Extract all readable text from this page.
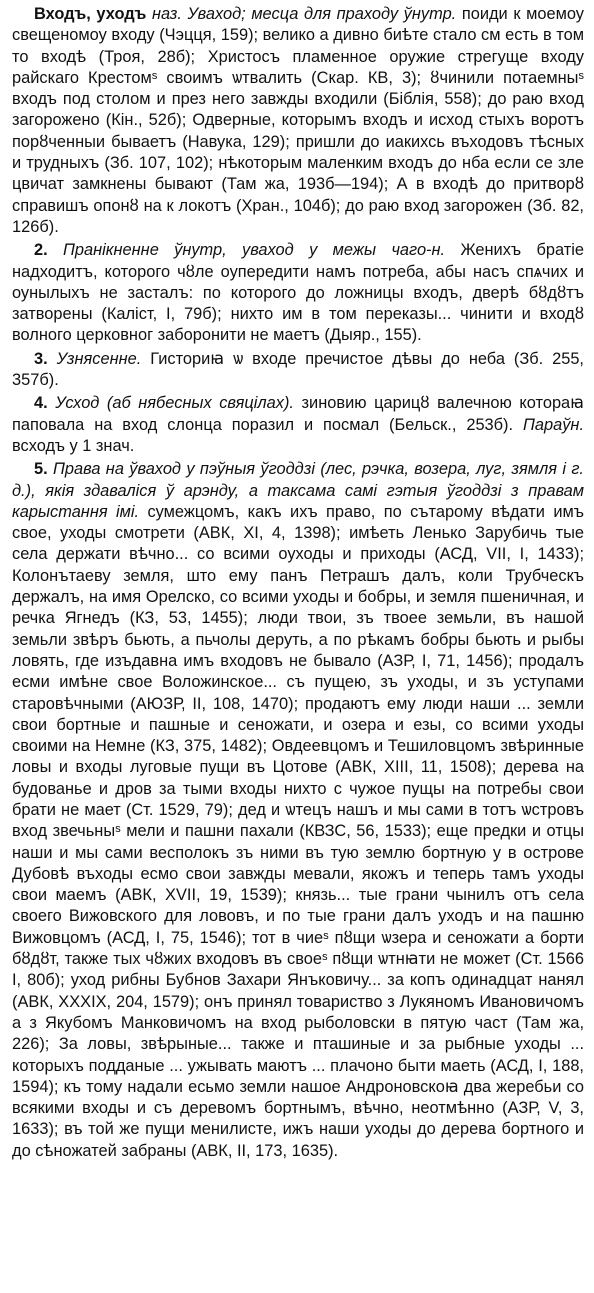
Входъ, уходъ наз. Уваход; месца для праходу ўнутр. поиди к моемоу свещеномоу входу (Чэцця, 159); велико а дивно биѣте стало см есть в том то входѣ (Троя, 28б); Христосъ пламенное оружие стрегуще входу райскаго Крестомˢ своимъ ѡтвалить (Скар. КВ, 3); ȣчинили потаемныˢ входъ под столом и през него завжды входили (Біблія, 558); до раю вход загорожено (Кін., 52б); Одверные, которымъ входъ и исход стыхъ воротъ порȣченныи бываетъ (Навука, 129); пришли до иакихсь въходовъ тѣсных и трудныхъ (Зб. 107, 102); нѣкоторым маленким входъ до нба если се зле цвичат замкнены бывают (Там жа, 193б—194); А в входѣ до притворȣ справишъ опонȣ на к локотъ (Хран., 104б); до раю вход загорожен (Зб. 82, 126б).

2. Пранікненне ўнутр, уваход у межы чаго-н. Женихъ братіе надходитъ, которого чȣле оупередити намъ потреба, абы насъ спѧчих и оунылыхъ не засталъ: по которого до ложницы входъ, дверѣ бȣдȣтъ затворены (Каліст, I, 79б); нихто им в том переказы... чинити и входȣ волного церковног заборонити не маетъ (Дыяр., 155).

3. Узнясенне. Гисториꙗ ѡ входе пречистое дѣвы до неба (Зб. 255, 357б).

4. Усход (аб нябесных свяцілах). зиновию царицȣ валечною котораꙗ паповала на вход слонца поразил и посмал (Бельск., 253б). Параўн. всходъ у 1 знач.

5. Права на ўваход у пэўныя ўгоддзі (лес, рэчка, возера, луг, зямля і г. д.), якія здаваліся ў арэнду, а таксама самі гэтыя ўгоддзі з правам карыстання імі. сумежцомъ, какъ ихъ право, по сътарому вѣдати имъ свое, уходы смотрети (АВК, XI, 4, 1398); имѣеть Ленько Зарубичь тые села держати вѣчно... со всими оуходы и приходы (АСД, VII, I, 1433); Колонътаеву земля, што ему панъ Петрашъ далъ, коли Трубческъ держалъ, на имя Орелско, со всими уходы и бобры, и земля пшеничная, и речка Ягнедъ (КЗ, 53, 1455); люди твои, зъ твоее земьли, въ нашой земьли звѣръ бьють, а пьчолы деруть, а по рѣкамъ бобры бьють и рыбы ловять, где изъдавна имъ входовъ не бывало (АЗР, I, 71, 1456); продалъ есми имѣне свое Воложинское... съ пущею, зъ уходы, и зъ уступами старовѣчными (АЮЗР, II, 108, 1470); продаютъ ему люди наши ... земли свои бортные и пашные и сеножати, и озера и езы, со всими уходы своими на Немне (КЗ, 375, 1482); Овдеевцомъ и Тешиловцомъ звѣринные ловы и входы луговые пущи въ Цотове (АВК, XIII, 11, 1508); дерева на будованье и дров за тыми входы нихто с чужое пущы на потребы свои брати не мает (Ст. 1529, 79); дед и ѡтецъ нашъ и мы сами в тотъ ѡстровъ вход звечьныˢ мели и пашни пахали (КВЗС, 56, 1533); еще предки и отцы наши и мы сами весполокъ зъ ними въ тую землю бортную у в острове Дубовѣ въходы есмо свои завжды мевали, якожъ и теперь тамъ уходы свои маемъ (АВК, XVII, 19, 1539); князь... тые грани чынилъ отъ села своего Вижовского для лововъ, и по тые грани далъ уходъ и на пашню Вижовцомъ (АСД, I, 75, 1546); тот в чиеˢ пȣщи ѡзера и сеножати а борти бȣдȣт, также тых чȣжих входовъ въ своеˢ пȣщи ѡтнꙗти не может (Ст. 1566 I, 80б); уход рибны Бубнов Захари Янъковичу... за копъ одинадцат нанял (АВК, XXXIX, 204, 1579); онъ принял товариство з Лукяномъ Ивановичомъ а з Якубомъ Манковичомъ на вход рыболовски в пятую част (Там жа, 226); За ловы, звѣрыные... также и пташиные и за рыбные уходы ... которыхъ подданые ... ужывать маютъ ... плачоно быти маеть (АСД, I, 188, 1594); къ тому надали есьмо земли нашое Андроновскоꙗ два жеребьи со всякими входы и съ деревомъ бортнымъ, вѣчно, неотмѣнно (АЗР, V, 3, 1633); въ той же пущи менилисте, ижъ наши уходы до дерева бортного и до сѣножатей забраны (АВК, II, 173, 1635).
